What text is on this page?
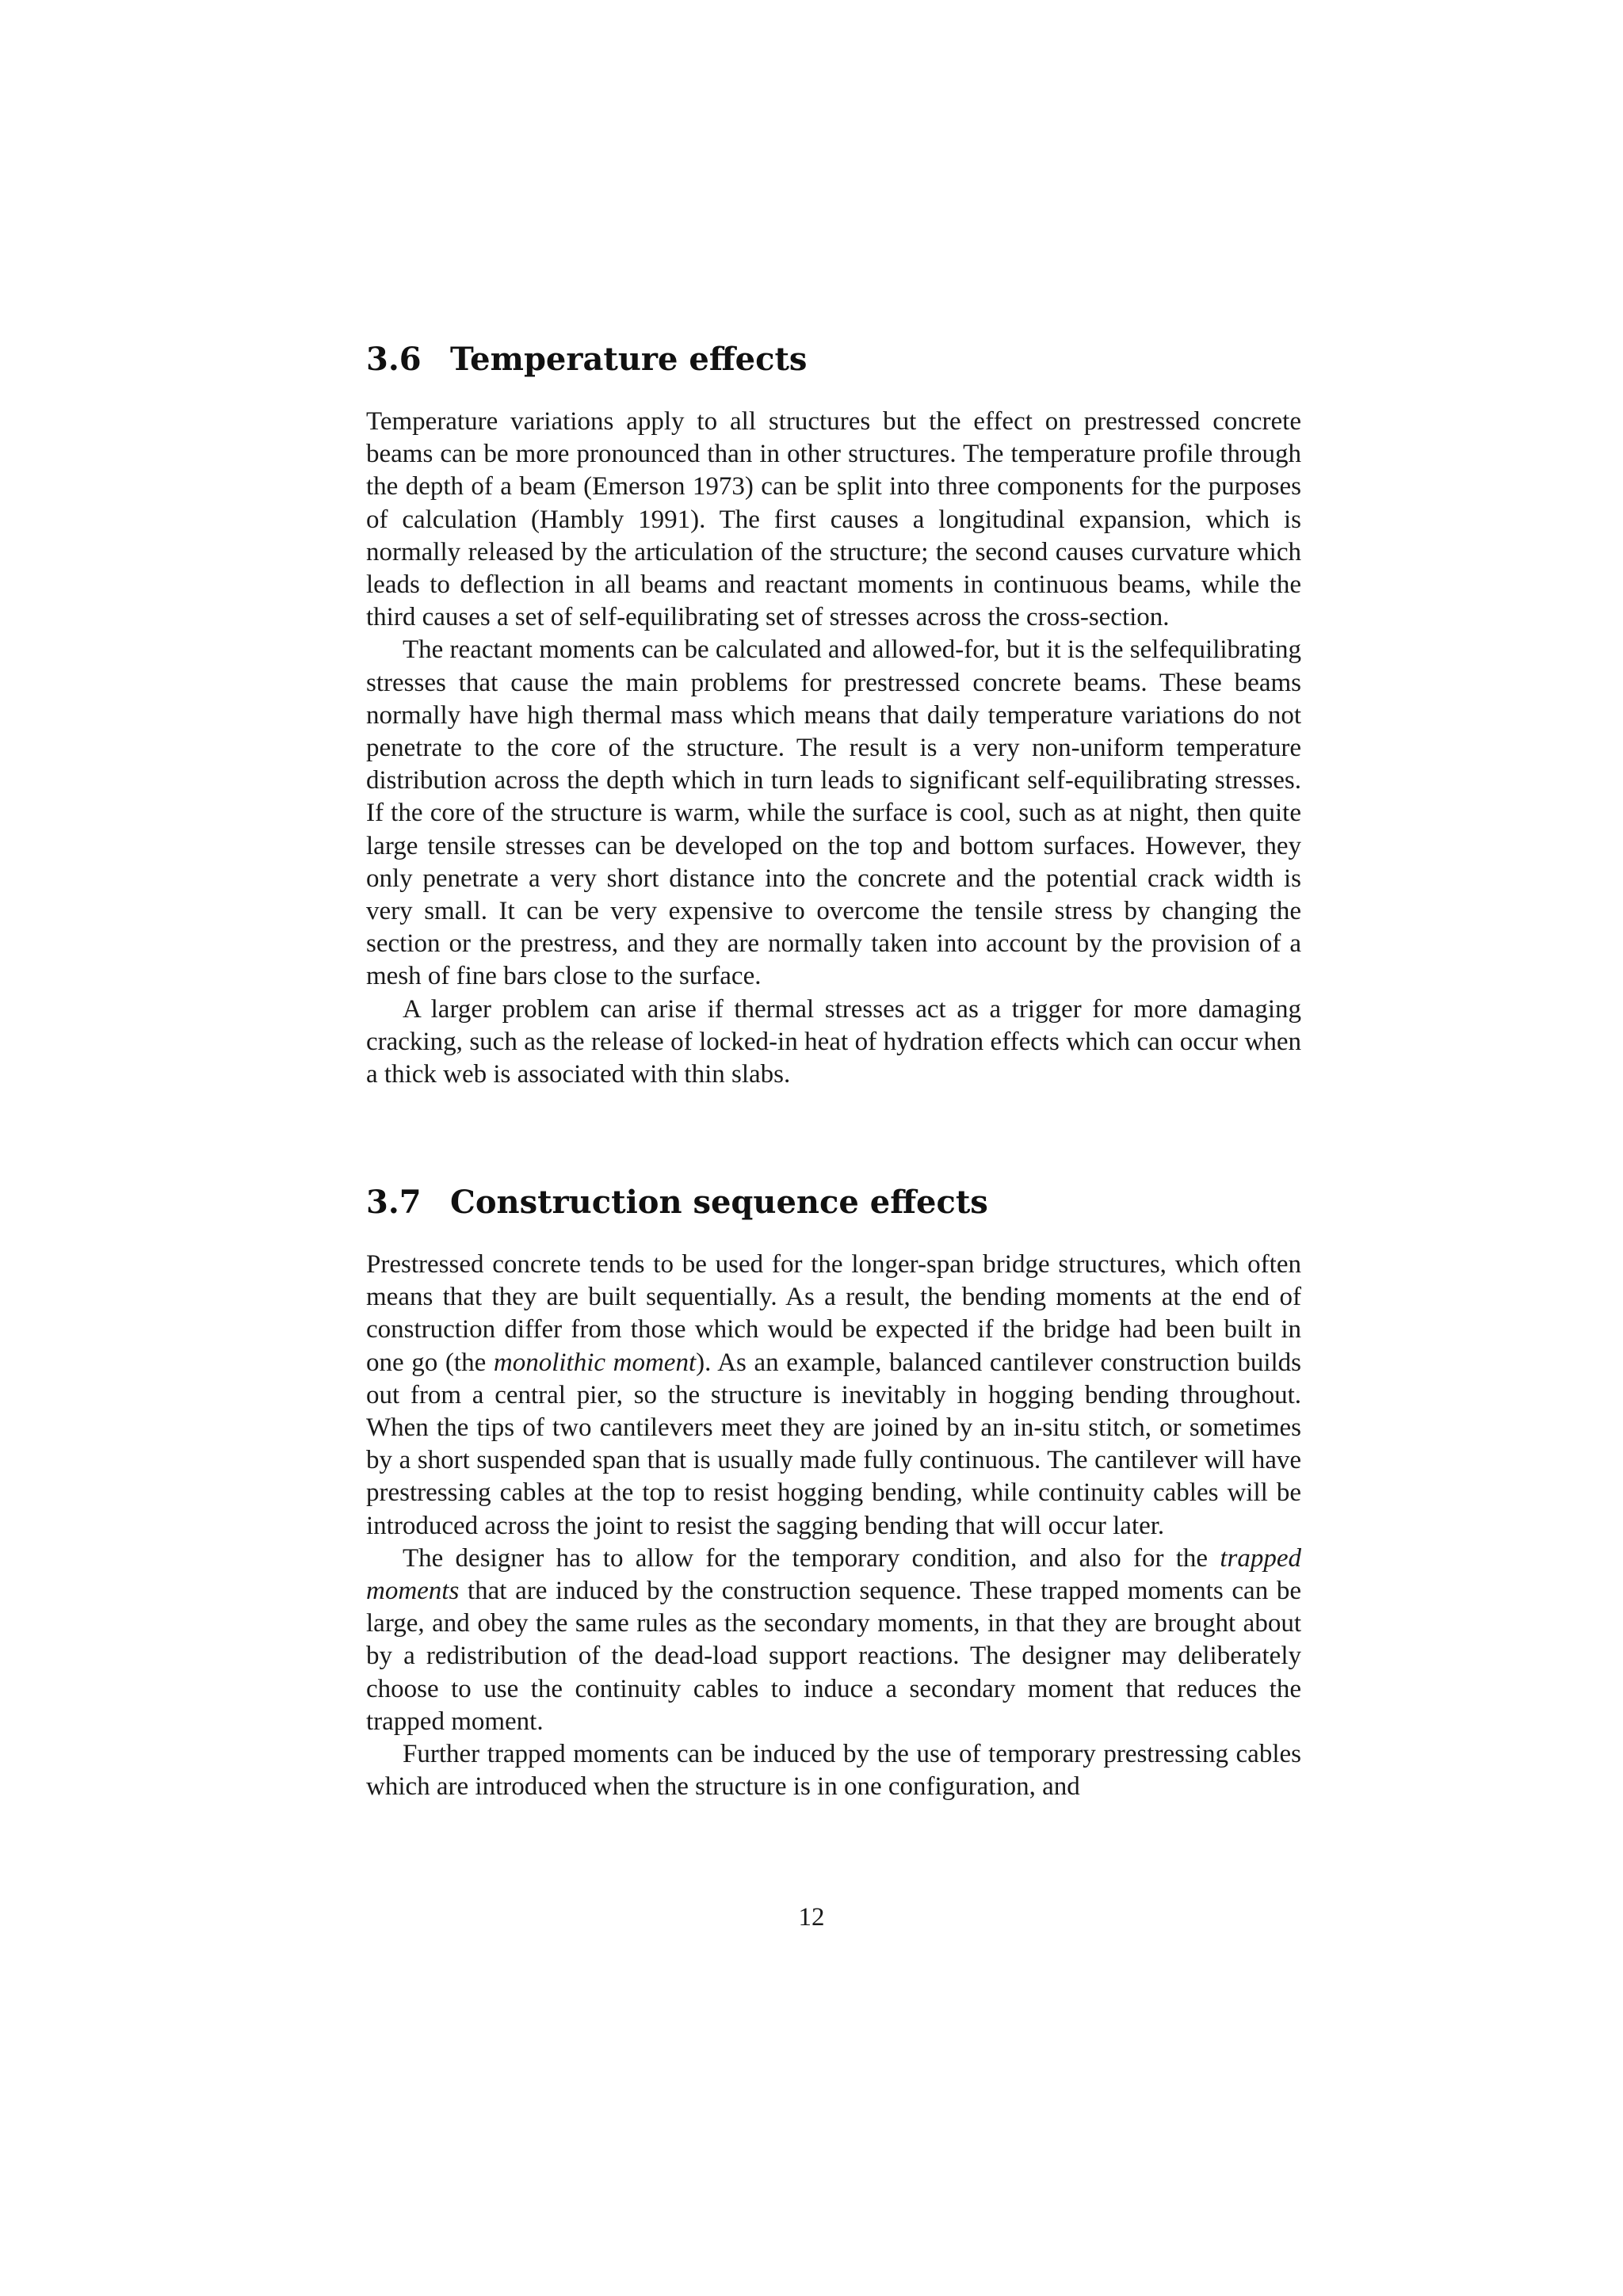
3.6 Temperature effects

Temperature variations apply to all structures but the effect on prestressed concrete beams can be more pronounced than in other structures. The temperature profile through the depth of a beam (Emerson 1973) can be split into three components for the purposes of calculation (Hambly 1991). The first causes a longitudinal expansion, which is normally released by the articulation of the structure; the second causes curvature which leads to deflection in all beams and reactant moments in continuous beams, while the third causes a set of self-equilibrating set of stresses across the cross-section.

The reactant moments can be calculated and allowed-for, but it is the selfequilibrating stresses that cause the main problems for prestressed concrete beams. These beams normally have high thermal mass which means that daily temperature variations do not penetrate to the core of the structure. The result is a very non-uniform temperature distribution across the depth which in turn leads to significant self-equilibrating stresses. If the core of the structure is warm, while the surface is cool, such as at night, then quite large tensile stresses can be developed on the top and bottom surfaces. However, they only penetrate a very short distance into the concrete and the potential crack width is very small. It can be very expensive to overcome the tensile stress by changing the section or the prestress, and they are normally taken into account by the provision of a mesh of fine bars close to the surface.

A larger problem can arise if thermal stresses act as a trigger for more damaging cracking, such as the release of locked-in heat of hydration effects which can occur when a thick web is associated with thin slabs.

3.7 Construction sequence effects

Prestressed concrete tends to be used for the longer-span bridge structures, which often means that they are built sequentially. As a result, the bending moments at the end of construction differ from those which would be expected if the bridge had been built in one go (the monolithic moment). As an example, balanced cantilever construction builds out from a central pier, so the structure is inevitably in hogging bending throughout. When the tips of two cantilevers meet they are joined by an in-situ stitch, or sometimes by a short suspended span that is usually made fully continuous. The cantilever will have prestressing cables at the top to resist hogging bending, while continuity cables will be introduced across the joint to resist the sagging bending that will occur later.

The designer has to allow for the temporary condition, and also for the trapped moments that are induced by the construction sequence. These trapped moments can be large, and obey the same rules as the secondary moments, in that they are brought about by a redistribution of the dead-load support reactions. The designer may deliberately choose to use the continuity cables to induce a secondary moment that reduces the trapped moment.

Further trapped moments can be induced by the use of temporary prestressing cables which are introduced when the structure is in one configuration, and

12
